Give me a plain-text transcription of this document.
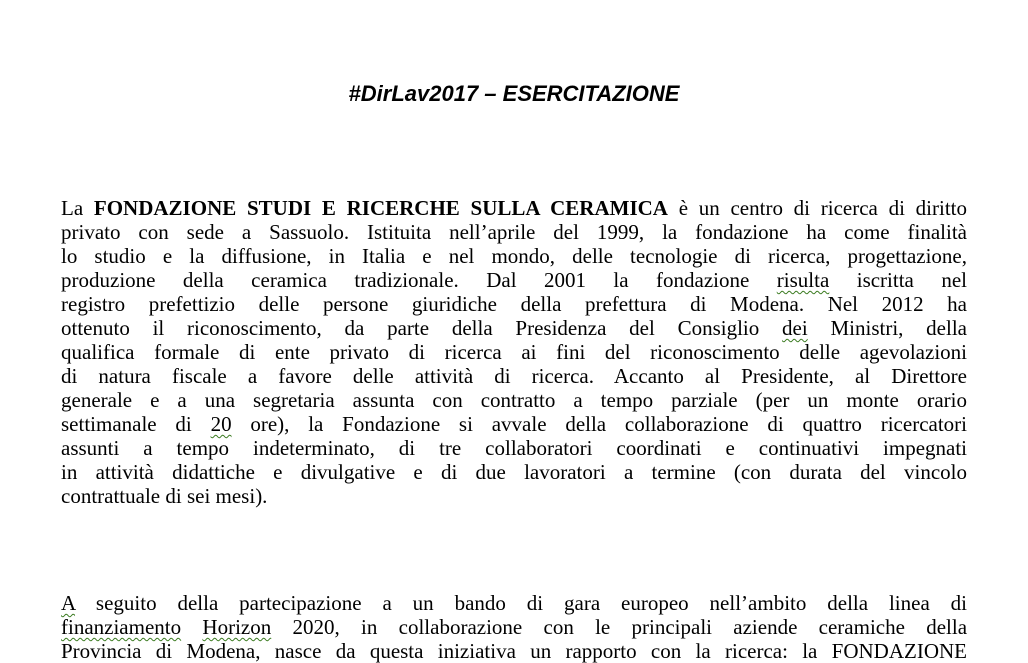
#DirLav2017 – ESERCITAZIONE

La FONDAZIONE STUDI E RICERCHE SULLA CERAMICA è un centro di ricerca di diritto
privato con sede a Sassuolo. Istituita nell’aprile del 1999, la fondazione ha come finalità
lo studio e la diffusione, in Italia e nel mondo, delle tecnologie di ricerca, progettazione,
produzione della ceramica tradizionale. Dal 2001 la fondazione risulta iscritta nel
registro prefettizio delle persone giuridiche della prefettura di Modena. Nel 2012 ha
ottenuto il riconoscimento, da parte della Presidenza del Consiglio dei Ministri, della
qualifica formale di ente privato di ricerca ai fini del riconoscimento delle agevolazioni
di natura fiscale a favore delle attività di ricerca. Accanto al Presidente, al Direttore
generale e a una segretaria assunta con contratto a tempo parziale (per un monte orario
settimanale di 20 ore), la Fondazione si avvale della collaborazione di quattro ricercatori
assunti a tempo indeterminato, di tre collaboratori coordinati e continuativi impegnati
in attività didattiche e divulgative e di due lavoratori a termine (con durata del vincolo
contrattuale di sei mesi).

A seguito della partecipazione a un bando di gara europeo nell’ambito della linea di
finanziamento Horizon 2020, in collaborazione con le principali aziende ceramiche della
Provincia di Modena, nasce da questa iniziativa un rapporto con la ricerca: la FONDAZIONE
